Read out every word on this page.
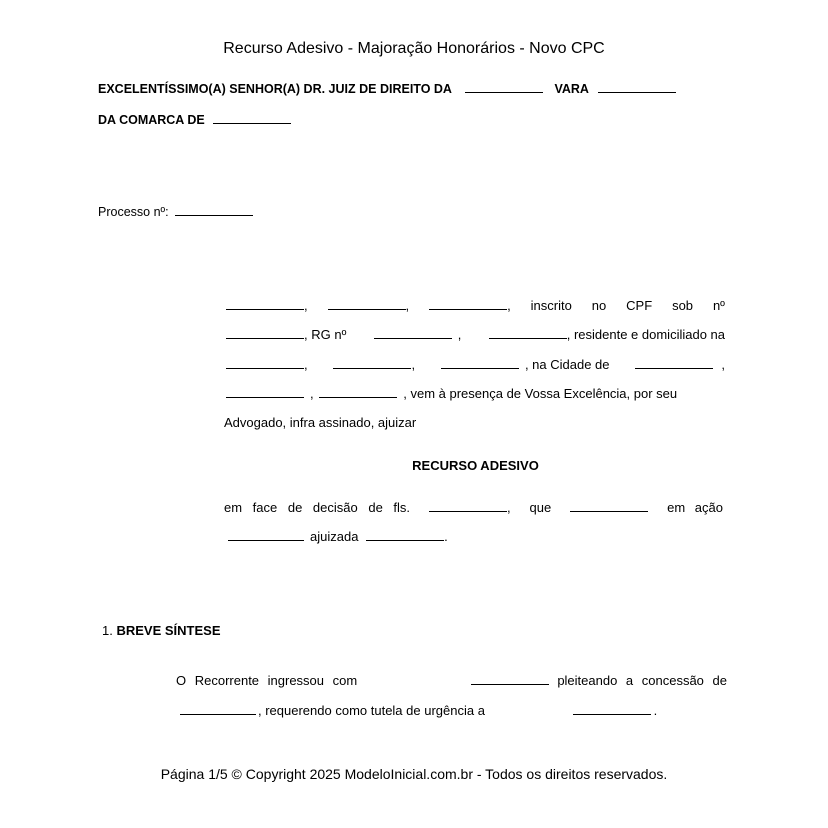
Recurso Adesivo - Majoração Honorários - Novo CPC
EXCELENTÍSSIMO(A) SENHOR(A) DR. JUIZ DE DIREITO DA	VARA
DA COMARCA DE
Processo nº:
,	,	, inscrito no CPF sob nº
, RG nº	,	, residente e domiciliado na
,	,	, na Cidade de	,
,	, vem à presença de Vossa Excelência, por seu
Advogado, infra assinado, ajuizar
RECURSO ADESIVO
em face de decisão de fls.	, que	em ação
ajuizada	.
1. BREVE SÍNTESE
O Recorrente ingressou com	pleiteando a concessão de
, requerendo como tutela de urgência a	.
Página 1/5 © Copyright 2025 ModeloInicial.com.br - Todos os direitos reservados.
